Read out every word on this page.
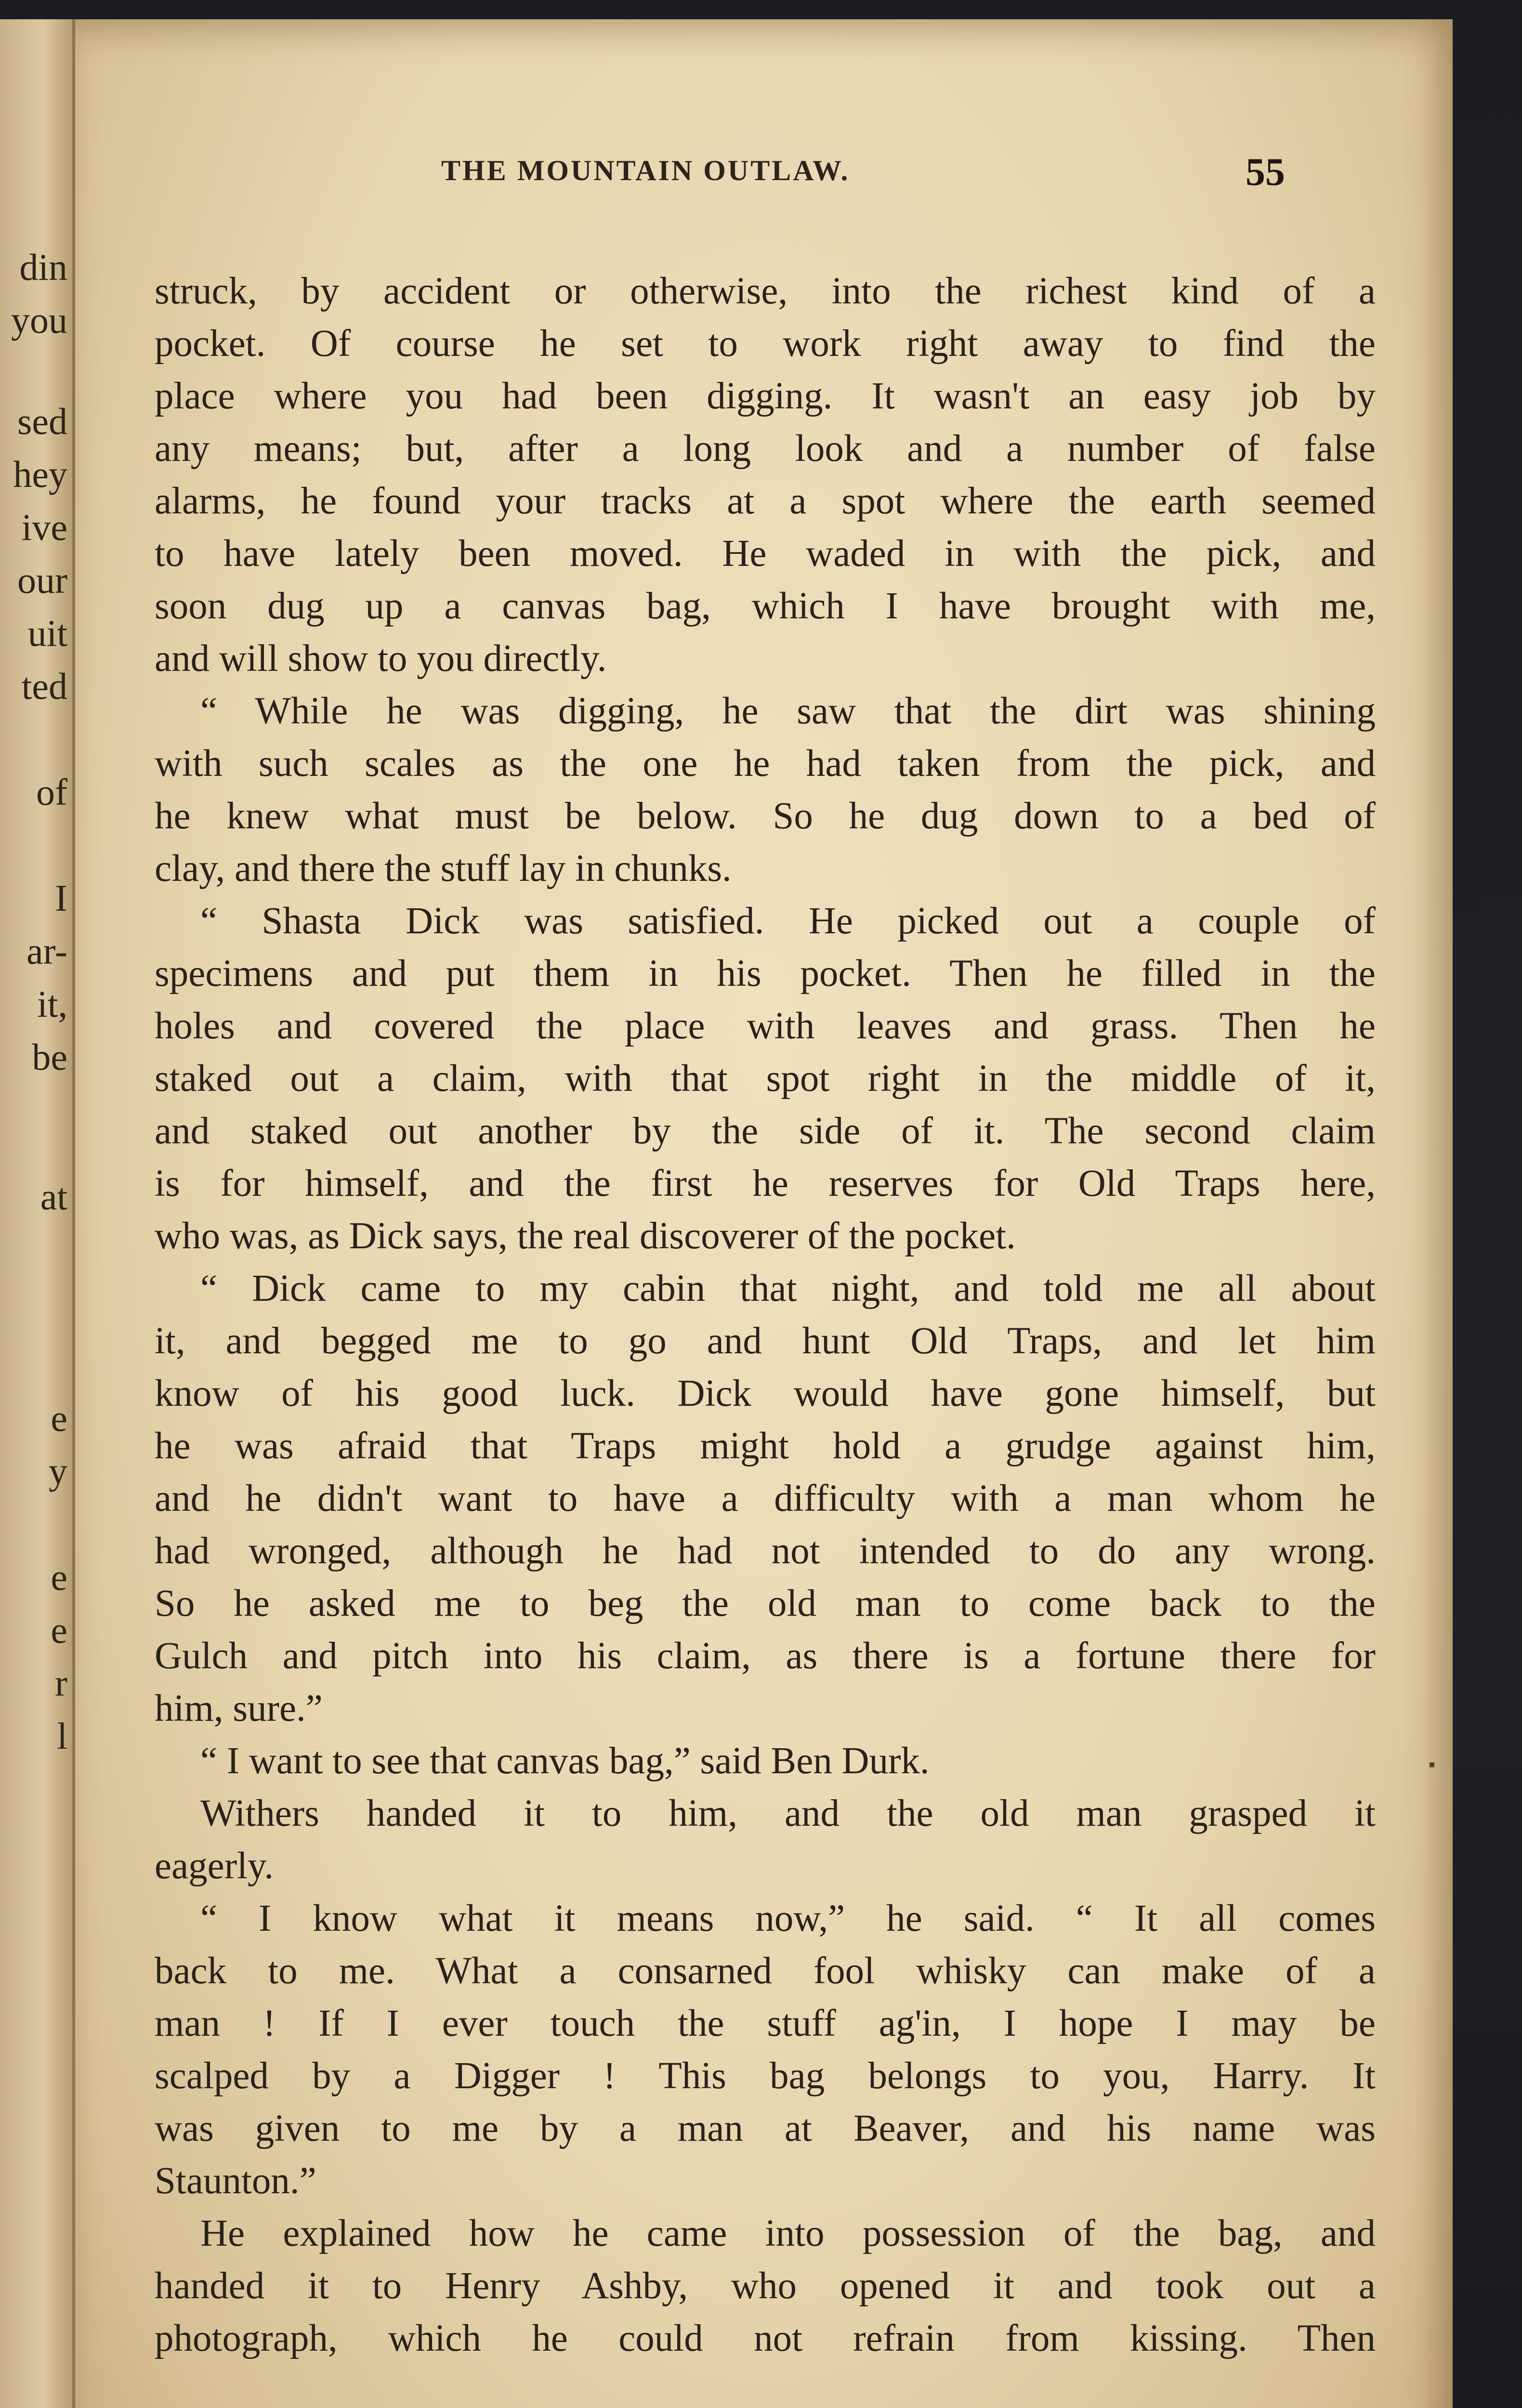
din
you
sed
hey
ive
our
uit
ted
of
I
ar-
it,
be
at
e
y
e
e
r
l
THE MOUNTAIN OUTLAW.	55
struck, by accident or otherwise, into the richest kind of a
pocket. Of course he set to work right away to find the
place where you had been digging. It wasn't an easy job by
any means; but, after a long look and a number of false
alarms, he found your tracks at a spot where the earth seemed
to have lately been moved. He waded in with the pick, and
soon dug up a canvas bag, which I have brought with me,
and will show to you directly.
“ While he was digging, he saw that the dirt was shining
with such scales as the one he had taken from the pick, and
he knew what must be below. So he dug down to a bed of
clay, and there the stuff lay in chunks.
“ Shasta Dick was satisfied. He picked out a couple of
specimens and put them in his pocket. Then he filled in the
holes and covered the place with leaves and grass. Then he
staked out a claim, with that spot right in the middle of it,
and staked out another by the side of it. The second claim
is for himself, and the first he reserves for Old Traps here,
who was, as Dick says, the real discoverer of the pocket.
“ Dick came to my cabin that night, and told me all about
it, and begged me to go and hunt Old Traps, and let him
know of his good luck. Dick would have gone himself, but
he was afraid that Traps might hold a grudge against him,
and he didn't want to have a difficulty with a man whom he
had wronged, although he had not intended to do any wrong.
So he asked me to beg the old man to come back to the
Gulch and pitch into his claim, as there is a fortune there for
him, sure.”
“ I want to see that canvas bag,” said Ben Durk.
Withers handed it to him, and the old man grasped it
eagerly.
“ I know what it means now,” he said. “ It all comes
back to me. What a consarned fool whisky can make of a
man ! If I ever touch the stuff ag'in, I hope I may be
scalped by a Digger ! This bag belongs to you, Harry. It
was given to me by a man at Beaver, and his name was
Staunton.”
He explained how he came into possession of the bag, and
handed it to Henry Ashby, who opened it and took out a
photograph, which he could not refrain from kissing. Then
▪
